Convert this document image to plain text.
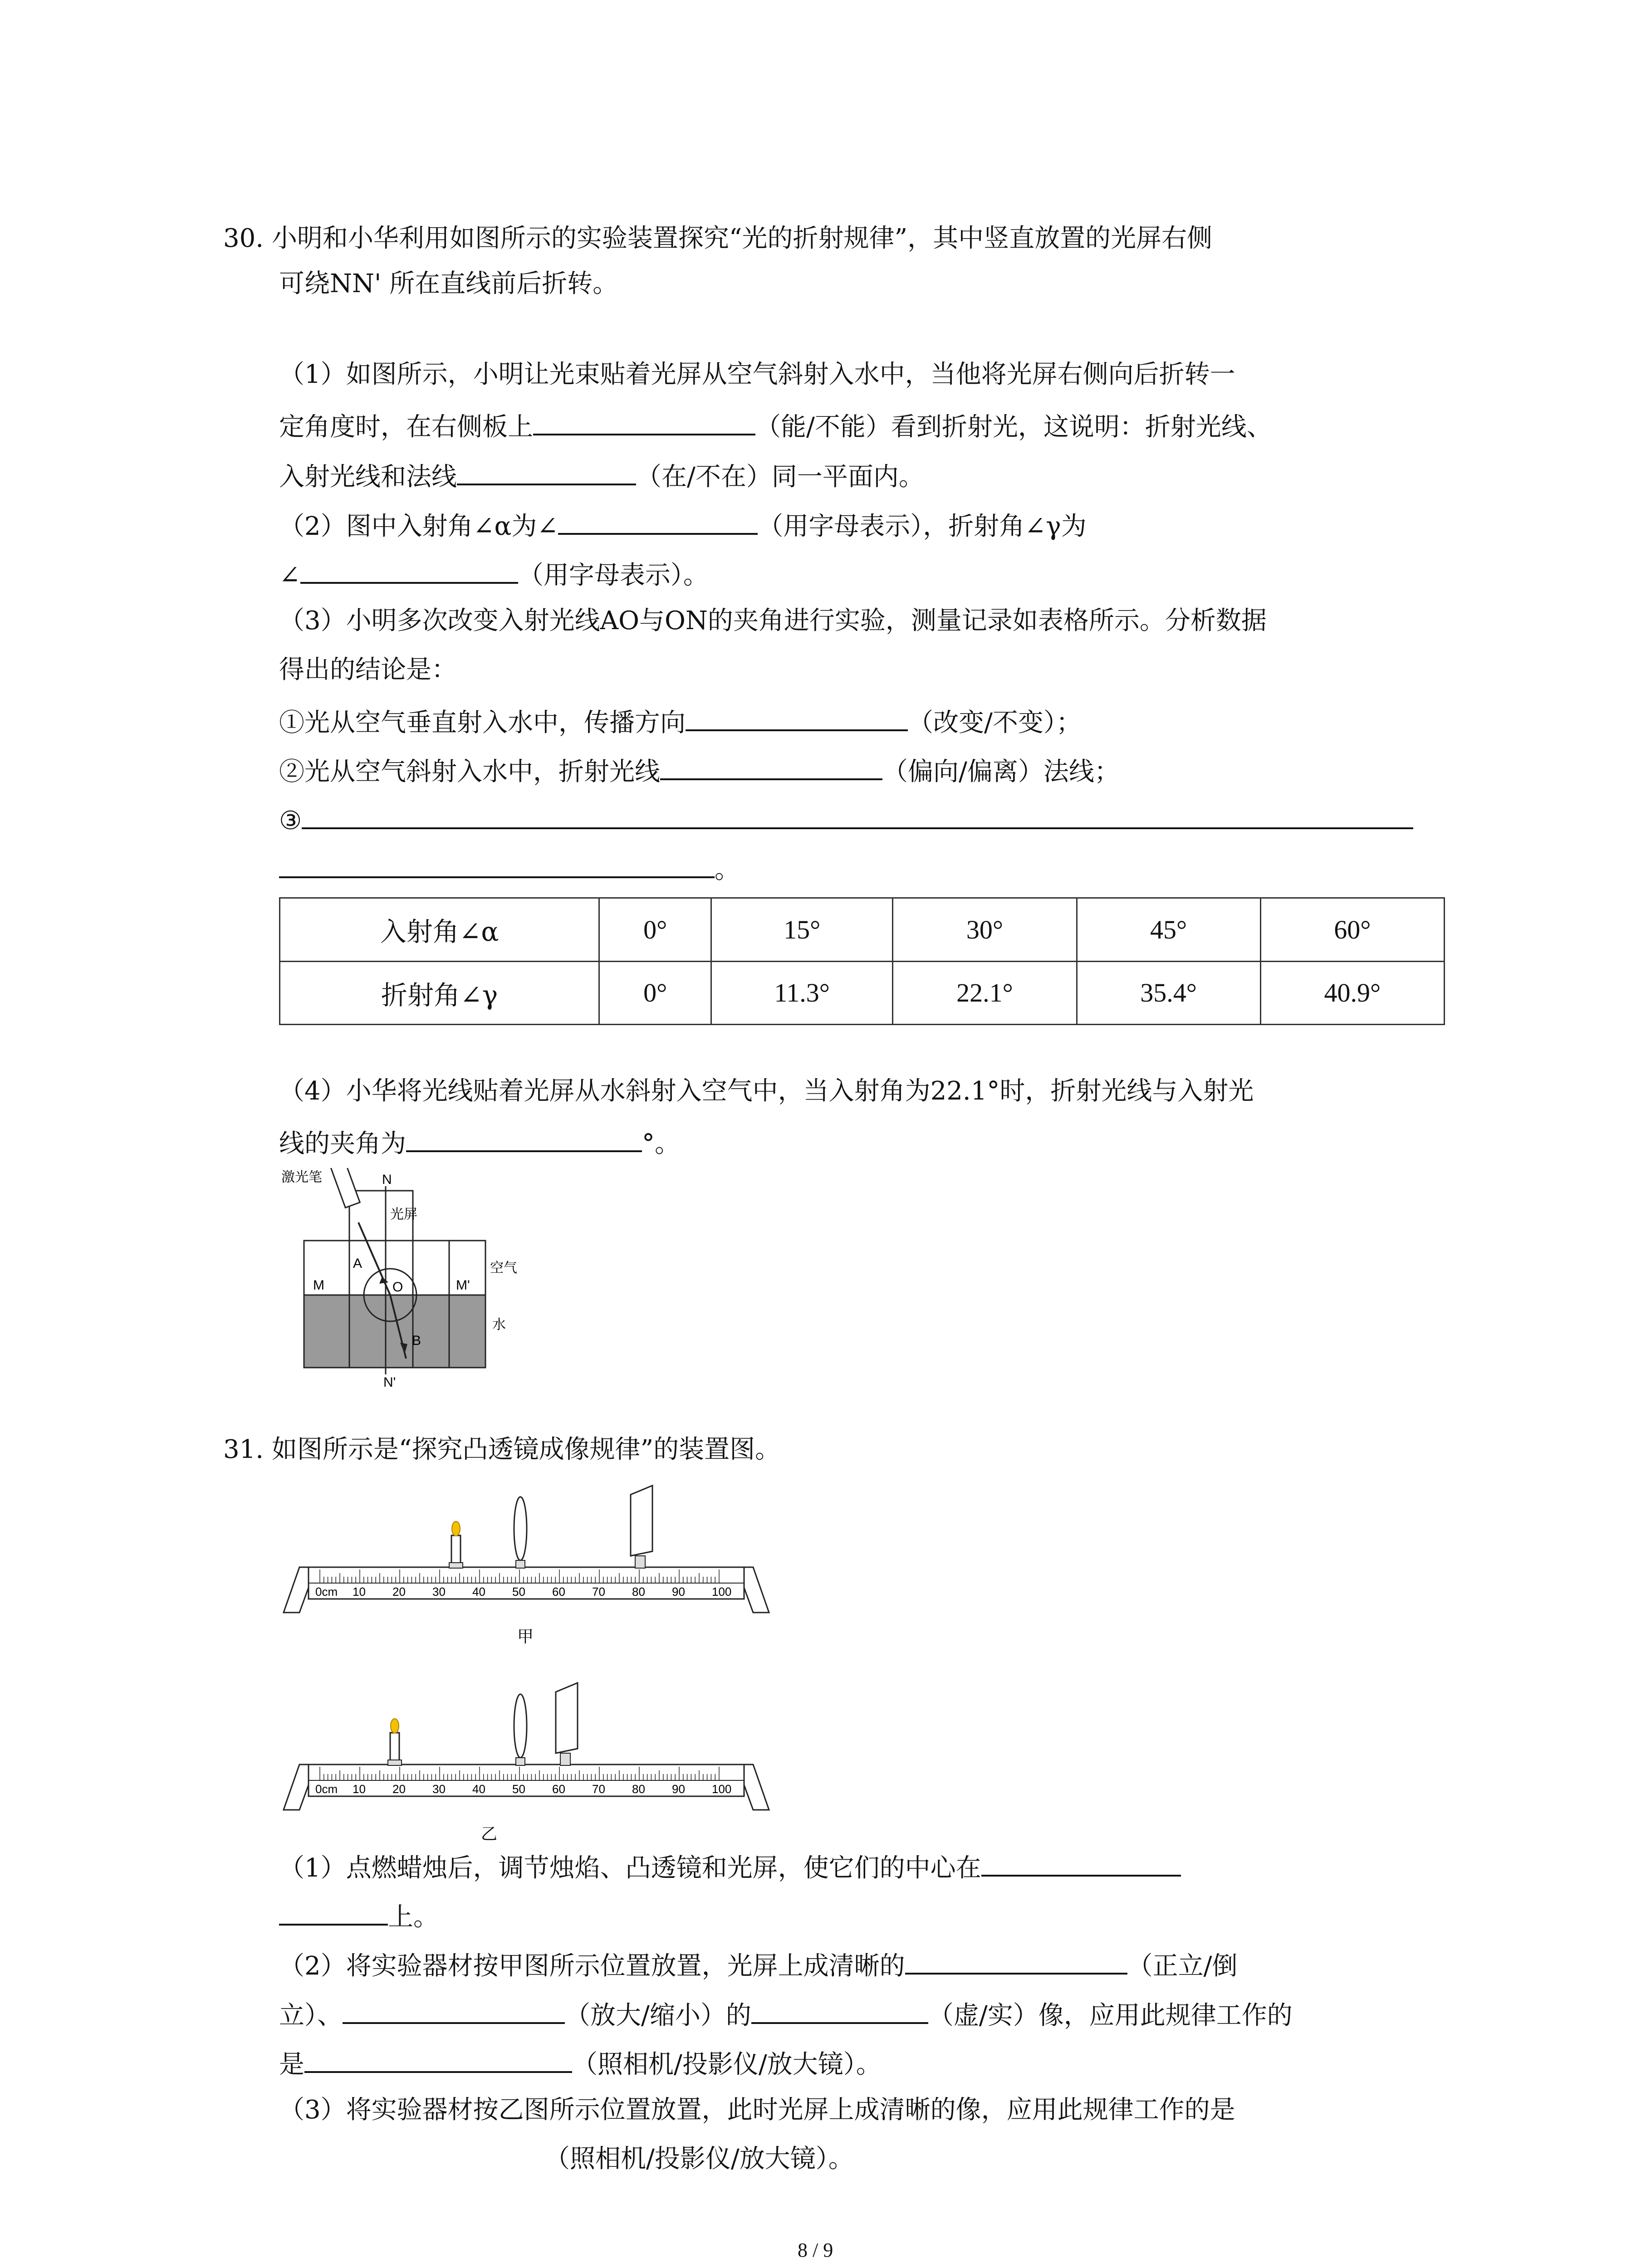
30. 小明和小华利用如图所示的实验装置探究“光的折射规律”，其中竖直放置的光屏右侧
可绕NN' 所在直线前后折转。
（1）如图所示，小明让光束贴着光屏从空气斜射入水中，当他将光屏右侧向后折转一
定角度时，在右侧板上	（能/不能）看到折射光，这说明：折射光线、
入射光线和法线	（在/不在）同一平面内。
（2）图中入射角∠α为∠	（用字母表示），折射角∠γ为
∠	（用字母表示）。
（3）小明多次改变入射光线AO与ON的夹角进行实验，测量记录如表格所示。分析数据
得出的结论是：
①光从空气垂直射入水中，传播方向	（改变/不变）；
②光从空气斜射入水中，折射光线	（偏向/偏离）法线；
③
。
入射角∠α	0°	15°	30°	45°	60°
折射角∠γ	0°	11.3°	22.1°	35.4°	40.9°
（4）小华将光线贴着光屏从水斜射入空气中，当入射角为22.1°时，折射光线与入射光
线的夹角为	°。
激光笔	N
N'
光屏
空气
水
M	M'
A
O
B
31. 如图所示是“探究凸透镜成像规律”的装置图。
0cm 10 20 30 40 50 60 70 80 90 100
甲
0cm 10 20 30 40 50 60 70 80 90 100
乙
（1）点燃蜡烛后，调节烛焰、凸透镜和光屏，使它们的中心在
上。
（2）将实验器材按甲图所示位置放置，光屏上成清晰的	（正立/倒
立）、	（放大/缩小）的	（虚/实）像，应用此规律工作的
是	（照相机/投影仪/放大镜）。
（3）将实验器材按乙图所示位置放置，此时光屏上成清晰的像，应用此规律工作的是
（照相机/投影仪/放大镜）。
8 / 9
